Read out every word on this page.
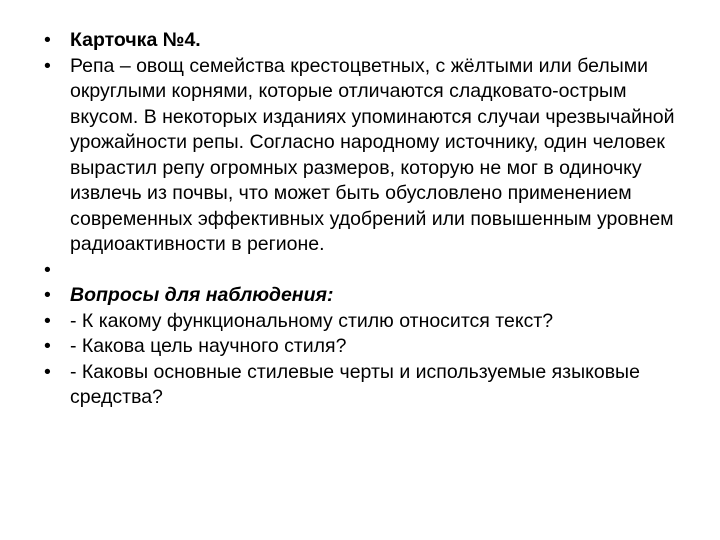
• Карточка №4.
• Репа – овощ семейства крестоцветных, с жёлтыми или белыми округлыми корнями, которые отличаются сладковато-острым вкусом. В некоторых изданиях упоминаются случаи чрезвычайной урожайности репы. Согласно народному источнику, один человек вырастил репу огромных размеров, которую не мог в одиночку извлечь из почвы, что может быть обусловлено применением современных эффективных удобрений или повышенным уровнем радиоактивности в регионе.
•
• Вопросы для наблюдения:
• - К какому функциональному стилю относится текст?
• - Какова цель научного стиля?
• - Каковы основные стилевые черты и используемые языковые средства?
